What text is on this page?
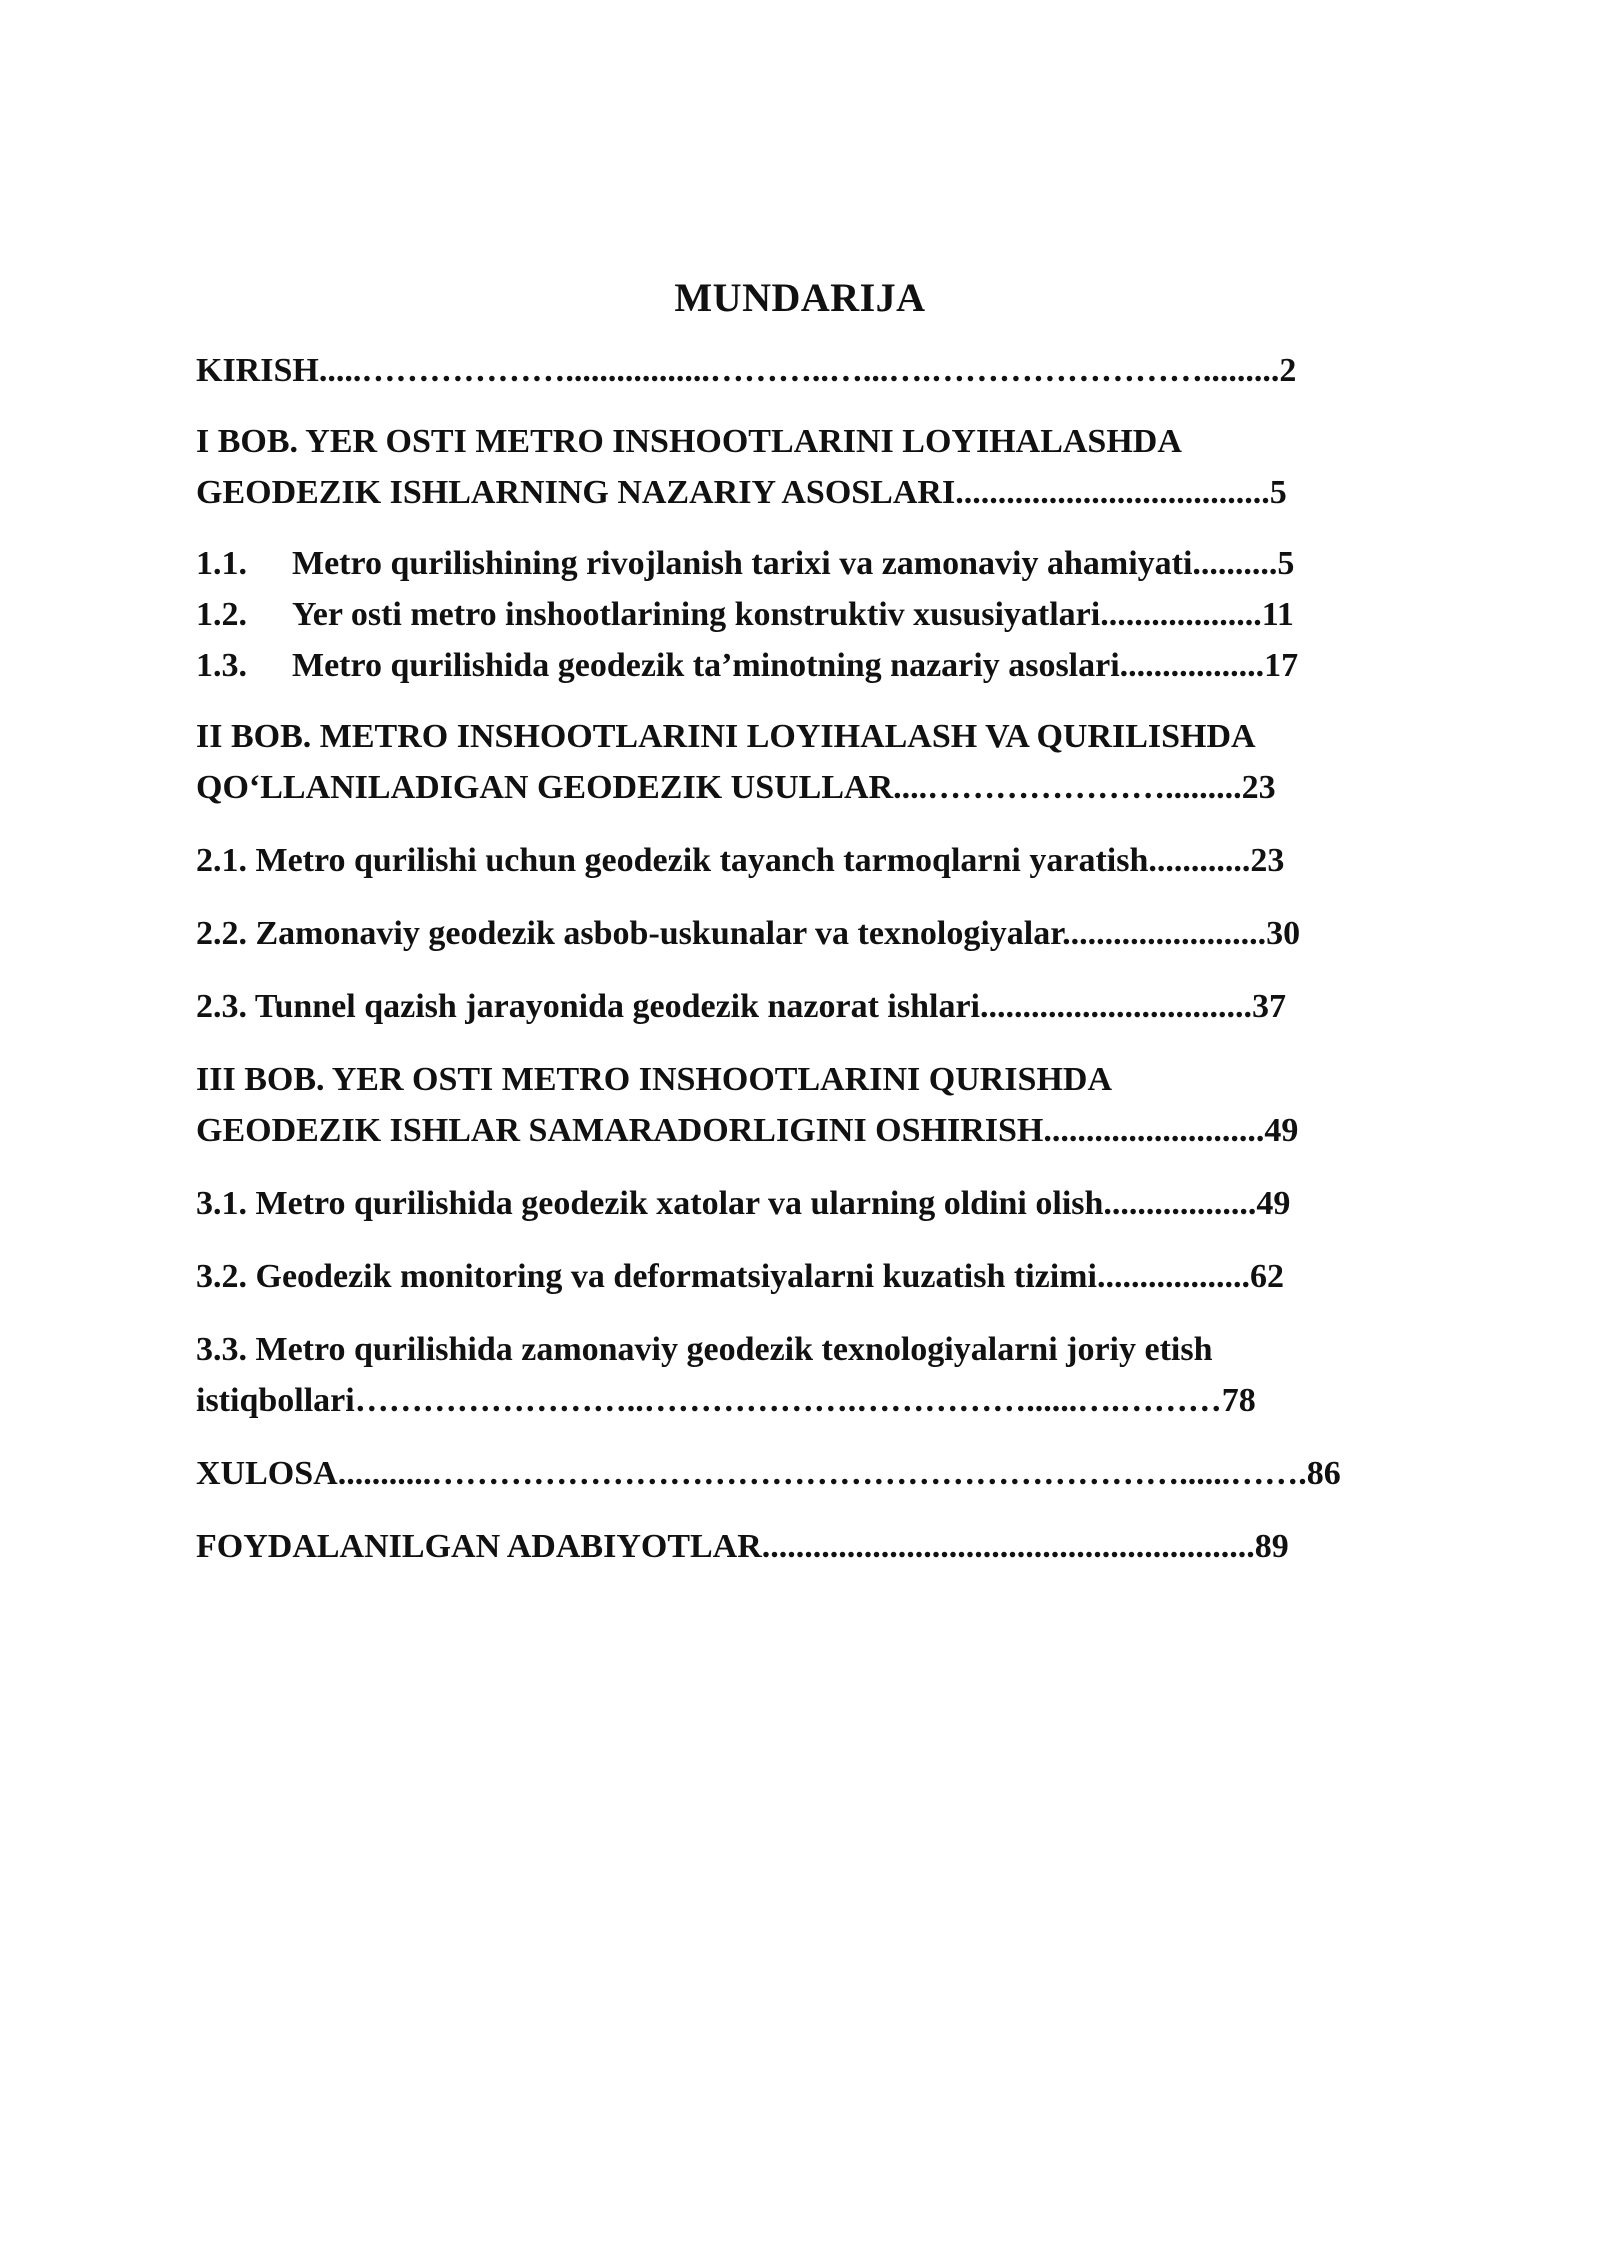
MUNDARIJA
KIRISH.....……………….................………..…...….…………………….........2
I BOB. YER OSTI METRO INSHOOTLARINI LOYIHALASHDA
GEODEZIK ISHLARNING NAZARIY ASOSLARI.....................................5
1.1. Metro qurilishining rivojlanish tarixi va zamonaviy ahamiyati..........5
1.2. Yer osti metro inshootlarining konstruktiv xususiyatlari...................11
1.3. Metro qurilishida geodezik ta’minotning nazariy asoslari.................17
II BOB. METRO INSHOOTLARINI LOYIHALASH VA QURILISHDA
QO‘LLANILADIGAN GEODEZIK USULLAR....………………….........23
2.1. Metro qurilishi uchun geodezik tayanch tarmoqlarni yaratish............23
2.2. Zamonaviy geodezik asbob-uskunalar va texnologiyalar........................30
2.3. Tunnel qazish jarayonida geodezik nazorat ishlari................................37
III BOB. YER OSTI METRO INSHOOTLARINI QURISHDA
GEODEZIK ISHLAR SAMARADORLIGINI OSHIRISH..........................49
3.1. Metro qurilishida geodezik xatolar va ularning oldini olish..................49
3.2. Geodezik monitoring va deformatsiyalarni kuzatish tizimi..................62
3.3. Metro qurilishida zamonaviy geodezik texnologiyalarni joriy etish
istiqbollari……………………..……………….……………......….………78
XULOSA...........…………………………………………………………......…….86
FOYDALANILGAN ADABIYOTLAR..........................................................89
